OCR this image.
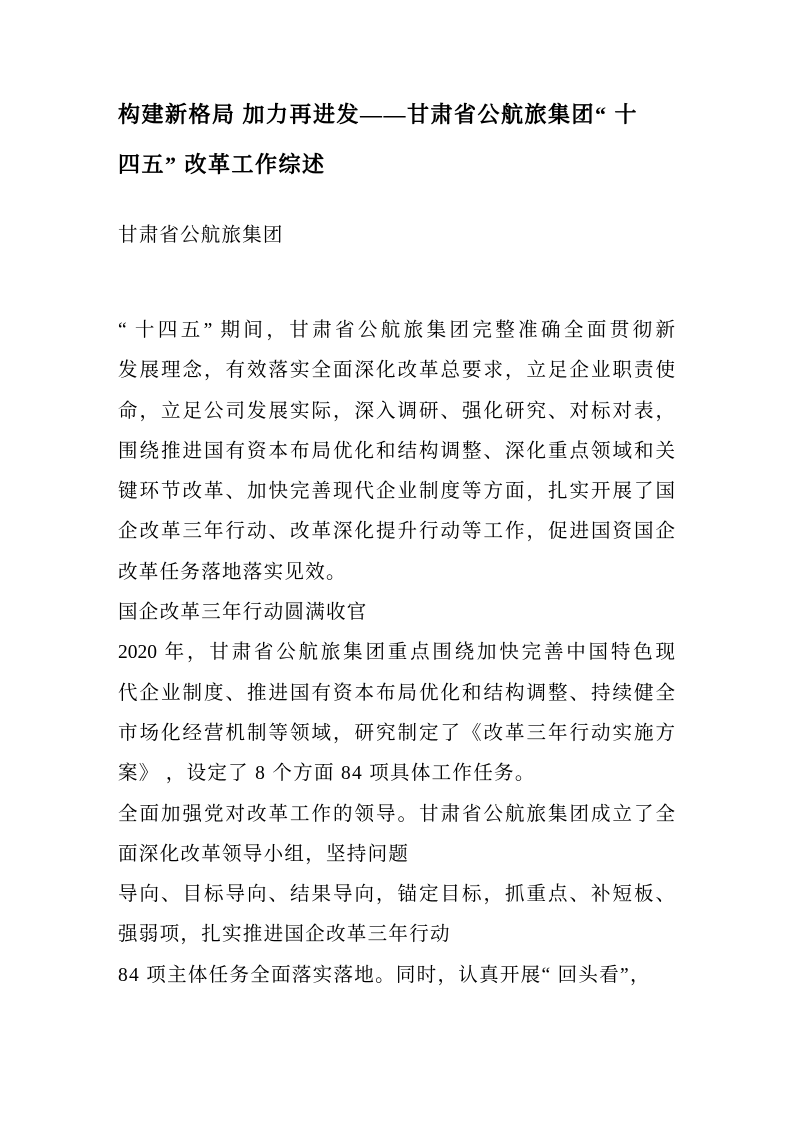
构建新格局 加力再进发——甘肃省公航旅集团“ 十 四五” 改革工作综述
甘肃省公航旅集团

“ 十四五” 期间，甘肃省公航旅集团完整准确全面贯彻新
发展理念，有效落实全面深化改革总要求，立足企业职责使
命，立足公司发展实际，深入调研、强化研究、对标对表，
围绕推进国有资本布局优化和结构调整、深化重点领域和关
键环节改革、加快完善现代企业制度等方面，扎实开展了国
企改革三年行动、改革深化提升行动等工作，促进国资国企
改革任务落地落实见效。

国企改革三年行动圆满收官

2020 年，甘肃省公航旅集团重点围绕加快完善中国特色现
代企业制度、推进国有资本布局优化和结构调整、持续健全
市场化经营机制等领域，研究制定了《改革三年行动实施方
案》 ，设定了 8 个方面 84 项具体工作任务。

全面加强党对改革工作的领导。甘肃省公航旅集团成立了全
面深化改革领导小组，坚持问题

导向、目标导向、结果导向，锚定目标，抓重点、补短板、
强弱项，扎实推进国企改革三年行动

84 项主体任务全面落实落地。同时，认真开展“ 回头看”，
